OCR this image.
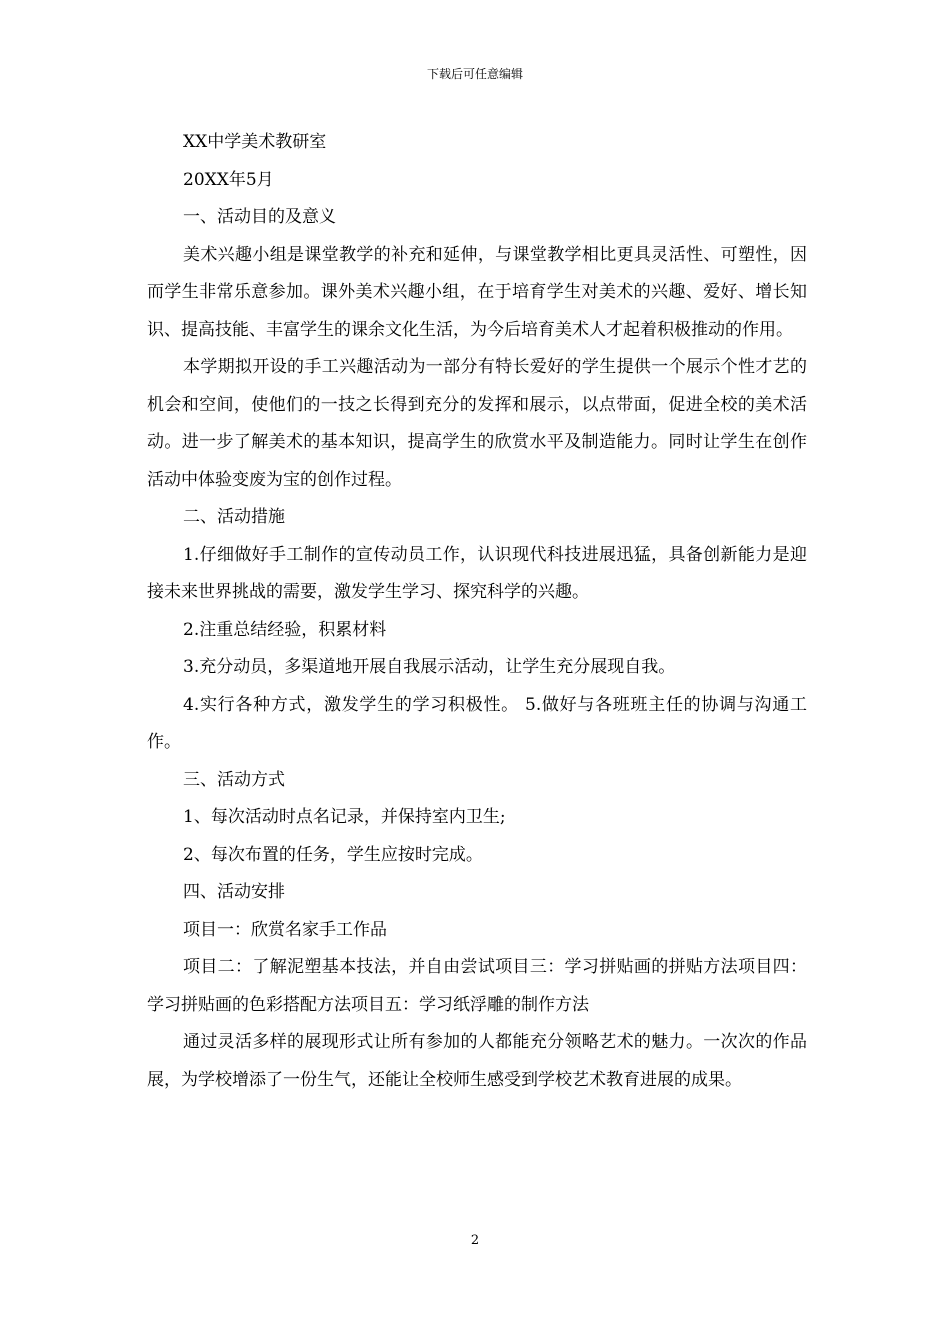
下载后可任意编辑

XX中学美术教研室

20XX年5月

一、活动目的及意义

美术兴趣小组是课堂教学的补充和延伸，与课堂教学相比更具灵活性、可塑性，因而学生非常乐意参加。课外美术兴趣小组，在于培育学生对美术的兴趣、爱好、增长知识、提高技能、丰富学生的课余文化生活，为今后培育美术人才起着积极推动的作用。

本学期拟开设的手工兴趣活动为一部分有特长爱好的学生提供一个展示个性才艺的机会和空间，使他们的一技之长得到充分的发挥和展示，以点带面，促进全校的美术活动。进一步了解美术的基本知识，提高学生的欣赏水平及制造能力。同时让学生在创作活动中体验变废为宝的创作过程。

二、活动措施

1.仔细做好手工制作的宣传动员工作，认识现代科技进展迅猛，具备创新能力是迎接未来世界挑战的需要，激发学生学习、探究科学的兴趣。

2.注重总结经验，积累材料

3.充分动员，多渠道地开展自我展示活动，让学生充分展现自我。

4.实行各种方式，激发学生的学习积极性。 5.做好与各班班主任的协调与沟通工作。

三、活动方式

1、每次活动时点名记录，并保持室内卫生;

2、每次布置的任务，学生应按时完成。

四、活动安排

项目一：欣赏名家手工作品

项目二：了解泥塑基本技法，并自由尝试项目三：学习拼贴画的拼贴方法项目四：学习拼贴画的色彩搭配方法项目五：学习纸浮雕的制作方法

通过灵活多样的展现形式让所有参加的人都能充分领略艺术的魅力。一次次的作品展，为学校增添了一份生气，还能让全校师生感受到学校艺术教育进展的成果。

2
